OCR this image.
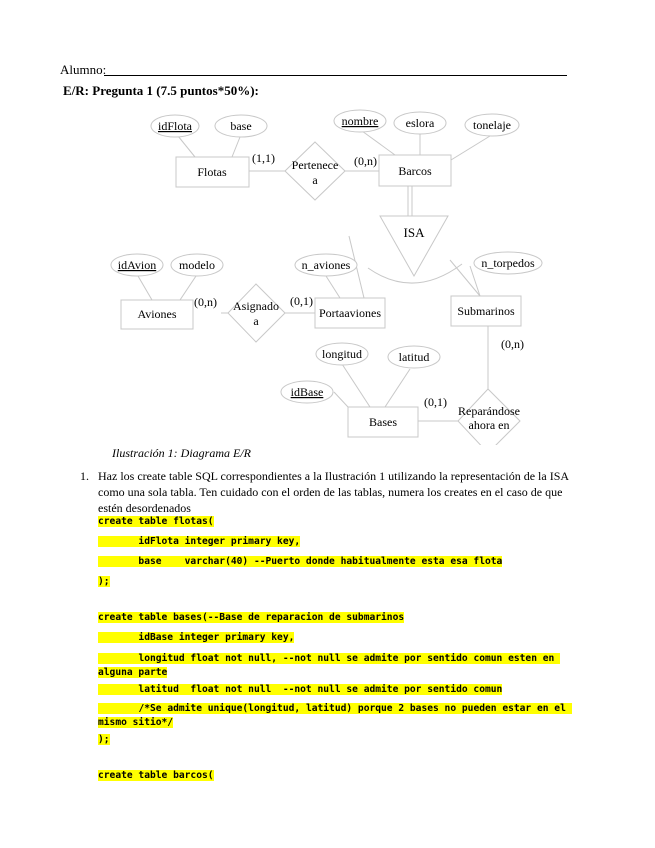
Alumno:
E/R: Pregunta 1 (7.5 puntos*50%):
Flotas	Barcos
Aviones	Portaaviones	Submarinos
Bases
idFlota	base	nombre eslora	tonelaje
idAvion modelo	n_aviones	n_torpedos
longitud	latitud
idBase
Pertenece
a
Asignado
a
Reparándose
ahora en
ISA
(1,1)	(0,n)
(0,n)	(0,1)
(0,n)
(0,1)
Ilustración 1: Diagrama E/R
1. Haz los create table SQL correspondientes a la Ilustración 1 utilizando la representación de la ISA como una sola tabla. Ten cuidado con el orden de las tablas, numera los creates en el caso de que estén desordenados
create table flotas(
idFlota integer primary key,
base    varchar(40) --Puerto donde habitualmente esta esa flota
);
create table bases(--Base de reparacion de submarinos
idBase integer primary key,
longitud float not null, --not null se admite por sentido comun esten en alguna parte
latitud  float not null  --not null se admite por sentido comun
/*Se admite unique(longitud, latitud) porque 2 bases no pueden estar en el mismo sitio*/
);
create table barcos(
